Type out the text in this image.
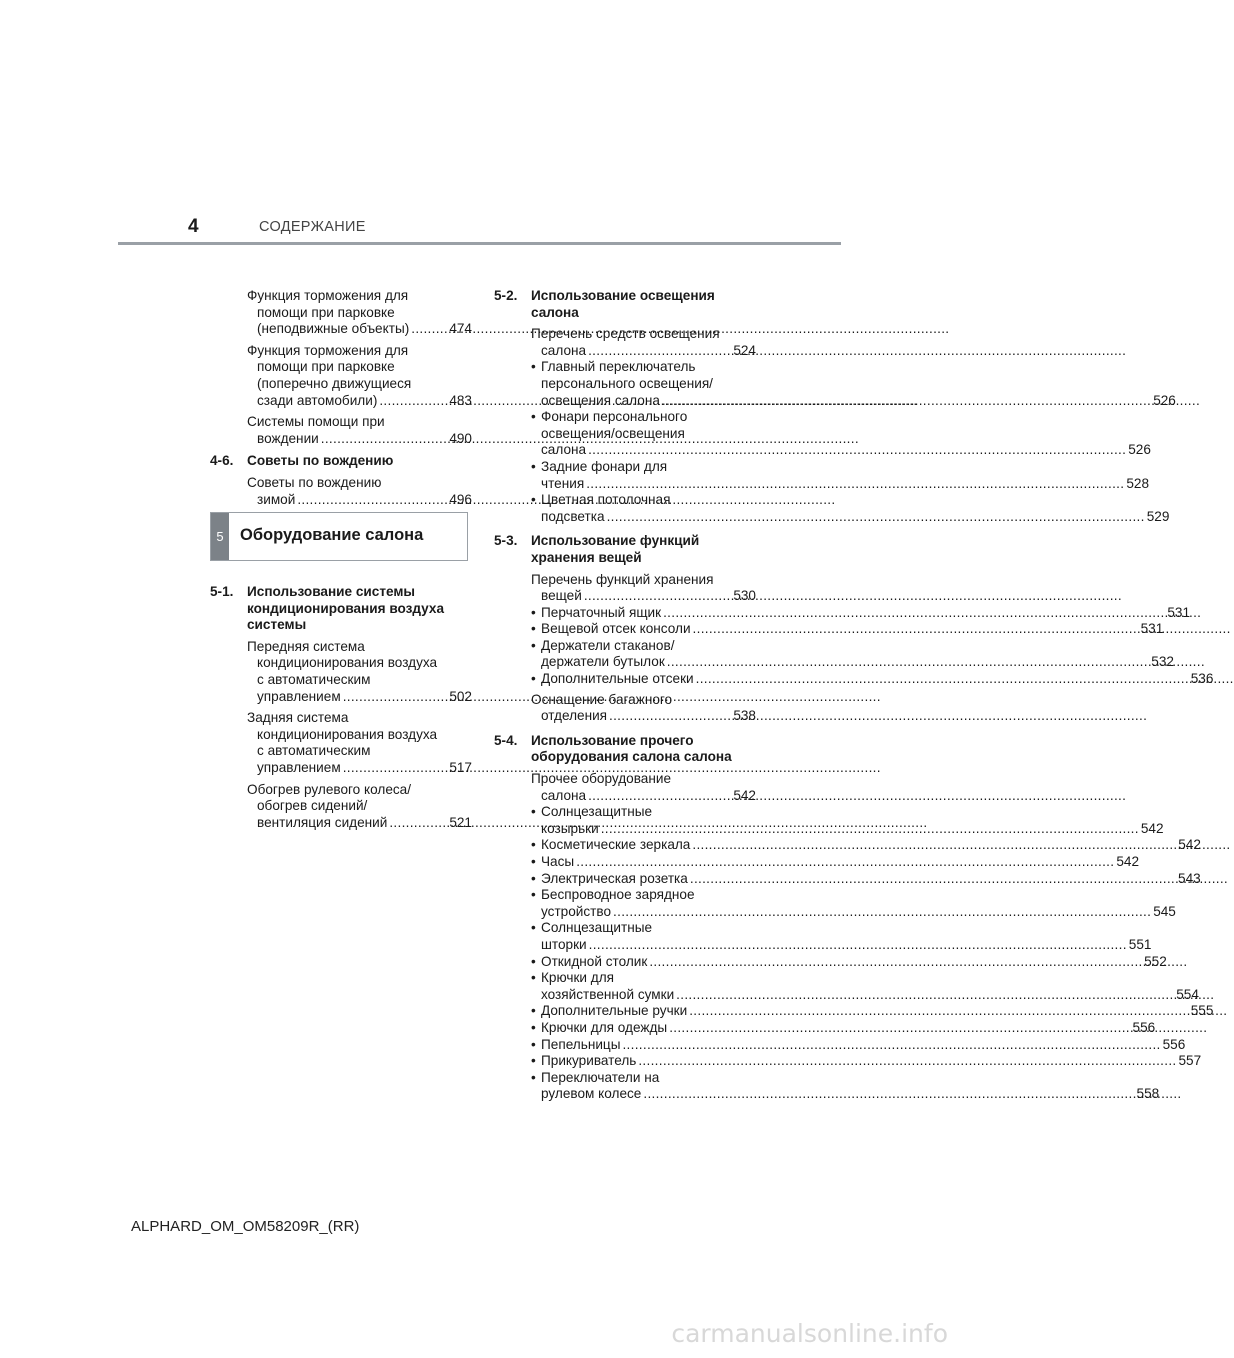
4	СОДЕРЖАНИЕ
Функция торможения для
помощи при парковке
(неподвижные объекты) .....	474
Функция торможения для
помощи при парковке
(поперечно движущиеся
сзади автомобили) .....	483
Системы помощи при
вождении .....	490
4-6. Советы по вождению
Советы по вождению
зимой .....	496
5 Оборудование салона
5-1. Использование системы
кондиционирования воздуха
системы
Передняя система
кондиционирования воздуха
с автоматическим
управлением .....	502
Задняя система
кондиционирования воздуха
с автоматическим
управлением .....	517
Обогрев рулевого колеса/
обогрев сидений/
вентиляция сидений .....	521
5-2. Использование освещения
салона
Перечень средств освещения
салона .....	524
• Главный переключатель
персонального освещения/
освещения салона .....	526
• Фонари персонального
освещения/освещения
салона .....	526
• Задние фонари для
чтения .....	528
• Цветная потолочная
подсветка .....	529
5-3. Использование функций
хранения вещей
Перечень функций хранения
вещей .....	530
• Перчаточный ящик .....	531
• Вещевой отсек консоли .....	531
• Держатели стаканов/
держатели бутылок .....	532
• Дополнительные отсеки .....	536
Оснащение багажного
отделения .....	538
5-4. Использование прочего
оборудования салона салона
Прочее оборудование
салона .....	542
• Солнцезащитные
козырьки .....	542
• Косметические зеркала .....	542
• Часы .....	542
• Электрическая розетка .....	543
• Беспроводное зарядное
устройство .....	545
• Солнцезащитные
шторки .....	551
• Откидной столик .....	552
• Крючки для
хозяйственной сумки .....	554
• Дополнительные ручки .....	555
• Крючки для одежды .....	556
• Пепельницы .....	556
• Прикуриватель .....	557
• Переключатели на
рулевом колесе .....	558
ALPHARD_OM_OM58209R_(RR)
carmanualsonline.info
